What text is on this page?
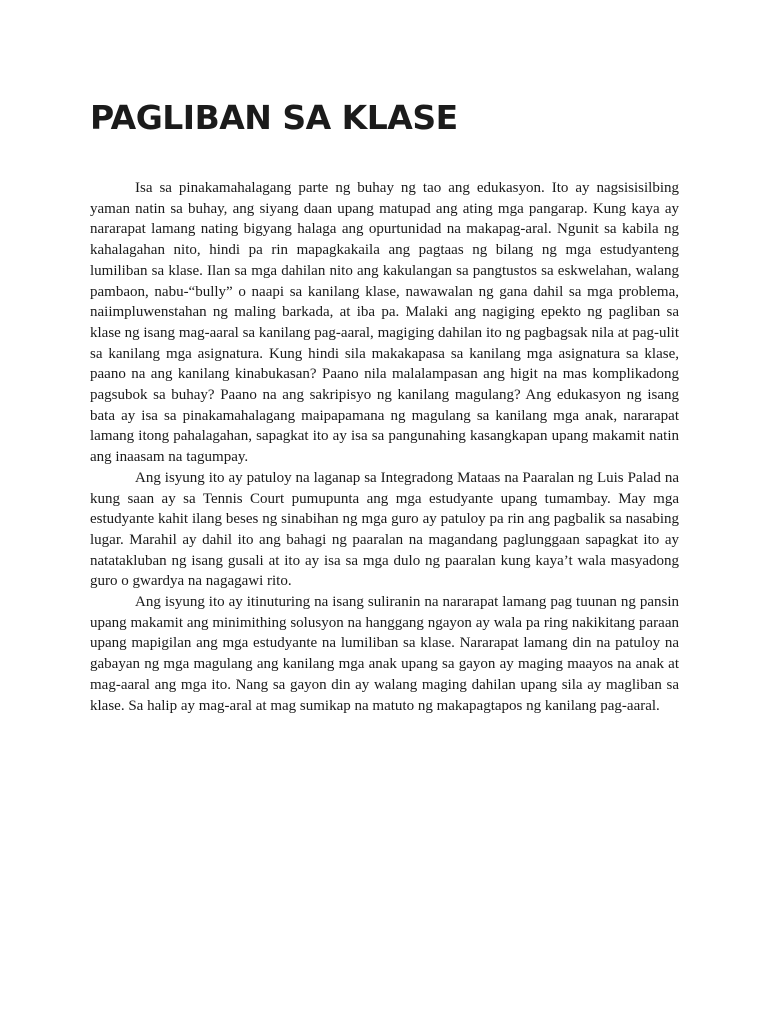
PAGLIBAN SA KLASE

Isa sa pinakamahalagang parte ng buhay ng tao ang edukasyon. Ito ay nagsisisilbing yaman natin sa buhay, ang siyang daan upang matupad ang ating mga pangarap. Kung kaya ay nararapat lamang nating bigyang halaga ang opurtunidad na makapag-aral. Ngunit sa kabila ng kahalagahan nito, hindi pa rin mapagkakaila ang pagtaas ng bilang ng mga estudyanteng lumiliban sa klase. Ilan sa mga dahilan nito ang kakulangan sa pangtustos sa eskwelahan, walang pambaon, nabu-“bully” o naapi sa kanilang klase, nawawalan ng gana dahil sa mga problema, naiimpluwenstahan ng maling barkada, at iba pa. Malaki ang nagiging epekto ng pagliban sa klase ng isang mag-aaral sa kanilang pag-aaral, magiging dahilan ito ng pagbagsak nila at pag-ulit sa kanilang mga asignatura. Kung hindi sila makakapasa sa kanilang mga asignatura sa klase, paano na ang kanilang kinabukasan? Paano nila malalampasan ang higit na mas komplikadong pagsubok sa buhay? Paano na ang sakripisyo ng kanilang magulang? Ang edukasyon ng isang bata ay isa sa pinakamahalagang maipapamana ng magulang sa kanilang mga anak, nararapat lamang itong pahalagahan, sapagkat ito ay isa sa pangunahing kasangkapan upang makamit natin ang inaasam na tagumpay.

Ang isyung ito ay patuloy na laganap sa Integradong Mataas na Paaralan ng Luis Palad na kung saan ay sa Tennis Court pumupunta ang mga estudyante upang tumambay. May mga estudyante kahit ilang beses ng sinabihan ng mga guro ay patuloy pa rin ang pagbalik sa nasabing lugar. Marahil ay dahil ito ang bahagi ng paaralan na magandang paglunggaan sapagkat ito ay natatakluban ng isang gusali at ito ay isa sa mga dulo ng paaralan kung kaya’t wala masyadong guro o gwardya na nagagawi rito.

Ang isyung ito ay itinuturing na isang suliranin na nararapat lamang pag tuunan ng pansin upang makamit ang minimithing solusyon na hanggang ngayon ay wala pa ring nakikitang paraan upang mapigilan ang mga estudyante na lumiliban sa klase. Nararapat lamang din na patuloy na gabayan ng mga magulang ang kanilang mga anak upang sa gayon ay maging maayos na anak at mag-aaral ang mga ito. Nang sa gayon din ay walang maging dahilan upang sila ay magliban sa klase. Sa halip ay mag-aral at mag sumikap na matuto ng makapagtapos ng kanilang pag-aaral.
